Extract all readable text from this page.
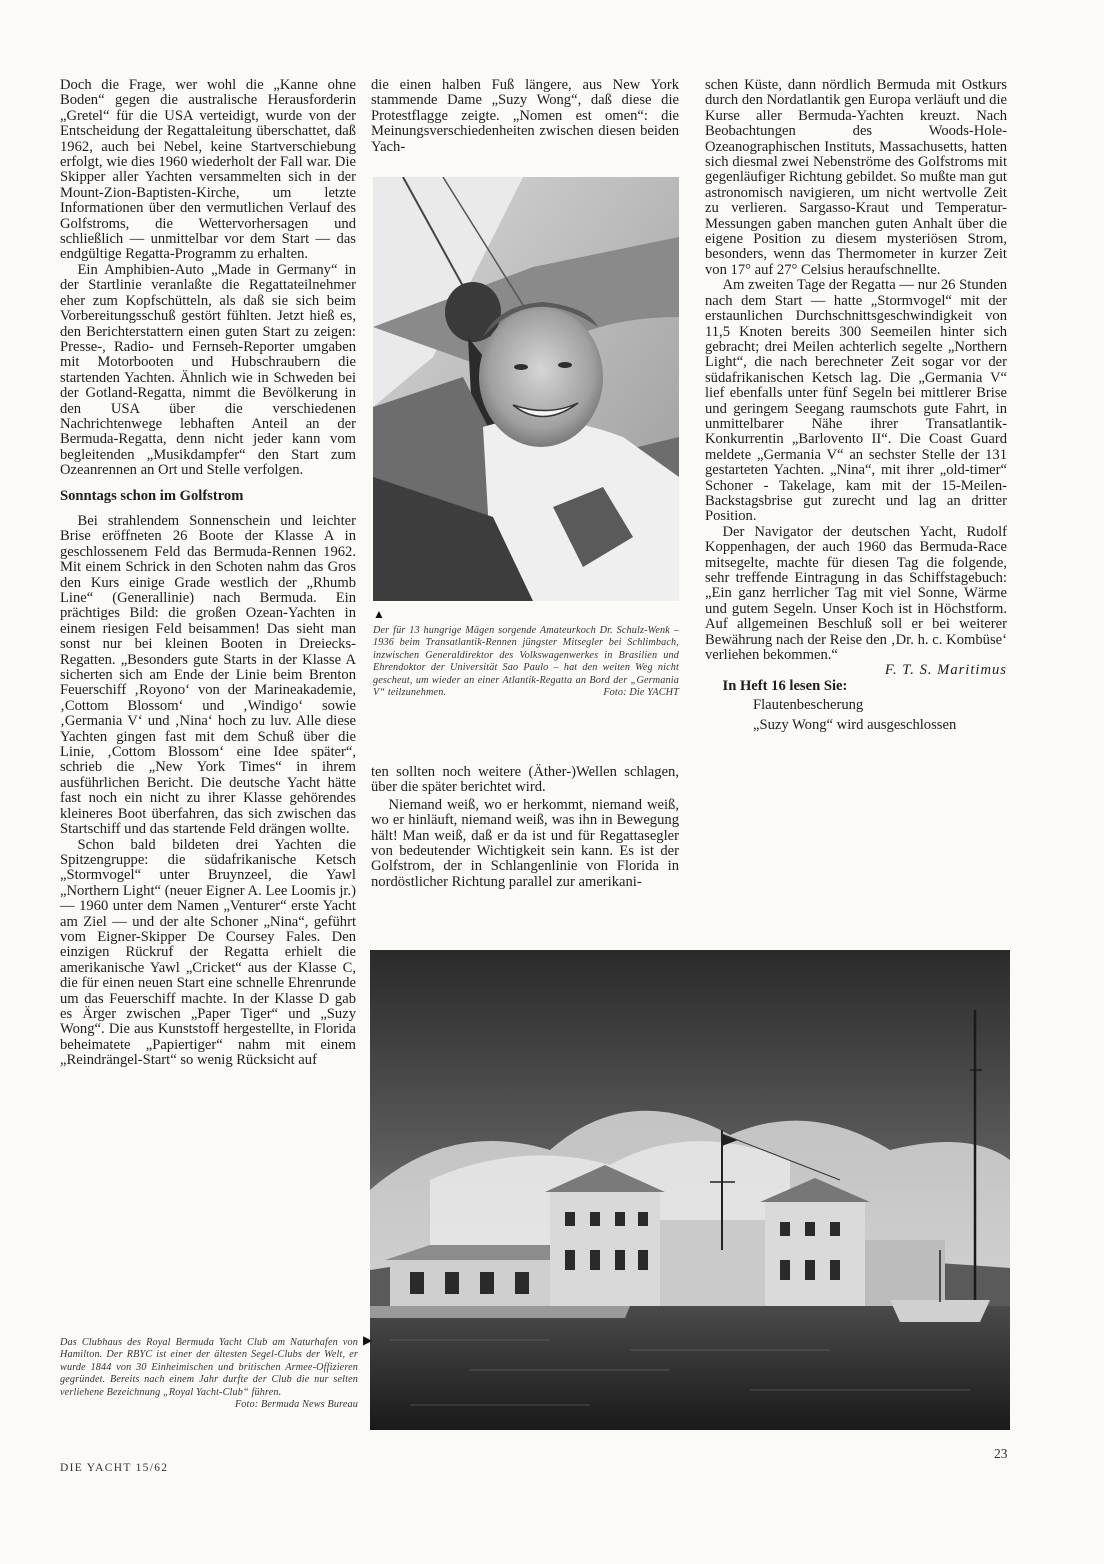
Doch die Frage, wer wohl die „Kanne ohne Boden“ gegen die australische Herausforderin „Gretel“ für die USA verteidigt, wurde von der Entscheidung der Regattaleitung überschattet, daß 1962, auch bei Nebel, keine Startverschiebung erfolgt, wie dies 1960 wiederholt der Fall war. Die Skipper aller Yachten versammelten sich in der Mount-Zion-Baptisten-Kirche, um letzte Informationen über den vermutlichen Verlauf des Golfstroms, die Wettervorhersagen und schließlich — unmittelbar vor dem Start — das endgültige Regatta-Programm zu erhalten.

Ein Amphibien-Auto „Made in Germany“ in der Startlinie veranlaßte die Regattateilnehmer eher zum Kopfschütteln, als daß sie sich beim Vorbereitungsschuß gestört fühlten. Jetzt hieß es, den Berichterstattern einen guten Start zu zeigen: Presse-, Radio- und Fernseh-Reporter umgaben mit Motorbooten und Hubschraubern die startenden Yachten. Ähnlich wie in Schweden bei der Gotland-Regatta, nimmt die Bevölkerung in den USA über die verschiedenen Nachrichtenwege lebhaften Anteil an der Bermuda-Regatta, denn nicht jeder kann vom begleitenden „Musikdampfer“ den Start zum Ozeanrennen an Ort und Stelle verfolgen.

Sonntags schon im Golfstrom

Bei strahlendem Sonnenschein und leichter Brise eröffneten 26 Boote der Klasse A in geschlossenem Feld das Bermuda-Rennen 1962. Mit einem Schrick in den Schoten nahm das Gros den Kurs einige Grade westlich der „Rhumb Line“ (Generallinie) nach Bermuda. Ein prächtiges Bild: die großen Ozean-Yachten in einem riesigen Feld beisammen! Das sieht man sonst nur bei kleinen Booten in Dreiecks-Regatten. „Besonders gute Starts in der Klasse A sicherten sich am Ende der Linie beim Brenton Feuerschiff ‚Royono‘ von der Marineakademie, ‚Cottom Blossom‘ und ‚Windigo‘ sowie ‚Germania V‘ und ‚Nina‘ hoch zu luv. Alle diese Yachten gingen fast mit dem Schuß über die Linie, ‚Cottom Blossom‘ eine Idee später“, schrieb die „New York Times“ in ihrem ausführlichen Bericht. Die deutsche Yacht hätte fast noch ein nicht zu ihrer Klasse gehörendes kleineres Boot überfahren, das sich zwischen das Startschiff und das startende Feld drängen wollte.

Schon bald bildeten drei Yachten die Spitzengruppe: die südafrikanische Ketsch „Stormvogel“ unter Bruynzeel, die Yawl „Northern Light“ (neuer Eigner A. Lee Loomis jr.) — 1960 unter dem Namen „Venturer“ erste Yacht am Ziel — und der alte Schoner „Nina“, geführt vom Eigner-Skipper De Coursey Fales. Den einzigen Rückruf der Regatta erhielt die amerikanische Yawl „Cricket“ aus der Klasse C, die für einen neuen Start eine schnelle Ehrenrunde um das Feuerschiff machte. In der Klasse D gab es Ärger zwischen „Paper Tiger“ und „Suzy Wong“. Die aus Kunststoff hergestellte, in Florida beheimatete „Papiertiger“ nahm mit einem „Reindrängel-Start“ so wenig Rücksicht auf

die einen halben Fuß längere, aus New York stammende Dame „Suzy Wong“, daß diese die Protestflagge zeigte. „Nomen est omen“: die Meinungsverschiedenheiten zwischen diesen beiden Yach-

▲
Der für 13 hungrige Mägen sorgende Amateurkoch Dr. Schulz-Wenk – 1936 beim Transatlantik-Rennen jüngster Mitsegler bei Schlimbach, inzwischen Generaldirektor des Volkswagenwerkes in Brasilien und Ehrendoktor der Universität Sao Paulo – hat den weiten Weg nicht gescheut, um wieder an einer Atlantik-Regatta an Bord der „Germania V“ teilzunehmen.	Foto: Die YACHT

ten sollten noch weitere (Äther-)Wellen schlagen, über die später berichtet wird.

Niemand weiß, wo er herkommt, niemand weiß, wo er hinläuft, niemand weiß, was ihn in Bewegung hält! Man weiß, daß er da ist und für Regattasegler von bedeutender Wichtigkeit sein kann. Es ist der Golfstrom, der in Schlangenlinie von Florida in nordöstlicher Richtung parallel zur amerikani-

schen Küste, dann nördlich Bermuda mit Ostkurs durch den Nordatlantik gen Europa verläuft und die Kurse aller Bermuda-Yachten kreuzt. Nach Beobachtungen des Woods-Hole-Ozeanographischen Instituts, Massachusetts, hatten sich diesmal zwei Nebenströme des Golfstroms mit gegenläufiger Richtung gebildet. So mußte man gut astronomisch navigieren, um nicht wertvolle Zeit zu verlieren. Sargasso-Kraut und Temperatur-Messungen gaben manchen guten Anhalt über die eigene Position zu diesem mysteriösen Strom, besonders, wenn das Thermometer in kurzer Zeit von 17° auf 27° Celsius heraufschnellte.

Am zweiten Tage der Regatta — nur 26 Stunden nach dem Start — hatte „Stormvogel“ mit der erstaunlichen Durchschnittsgeschwindigkeit von 11,5 Knoten bereits 300 Seemeilen hinter sich gebracht; drei Meilen achterlich segelte „Northern Light“, die nach berechneter Zeit sogar vor der südafrikanischen Ketsch lag. Die „Germania V“ lief ebenfalls unter fünf Segeln bei mittlerer Brise und geringem Seegang raumschots gute Fahrt, in unmittelbarer Nähe ihrer Transatlantik-Konkurrentin „Barlovento II“. Die Coast Guard meldete „Germania V“ an sechster Stelle der 131 gestarteten Yachten. „Nina“, mit ihrer „old-timer“ Schoner - Takelage, kam mit der 15-Meilen-Backstagsbrise gut zurecht und lag an dritter Position.

Der Navigator der deutschen Yacht, Rudolf Koppenhagen, der auch 1960 das Bermuda-Race mitsegelte, machte für diesen Tag die folgende, sehr treffende Eintragung in das Schiffstagebuch: „Ein ganz herrlicher Tag mit viel Sonne, Wärme und gutem Segeln. Unser Koch ist in Höchstform. Auf allgemeinen Beschluß soll er bei weiterer Bewährung nach der Reise den ‚Dr. h. c. Kombüse‘ verliehen bekommen.“

F. T. S. Maritimus

In Heft 16 lesen Sie:

Flautenbescherung

„Suzy Wong“ wird ausgeschlossen

▶
Das Clubhaus des Royal Bermuda Yacht Club am Naturhafen von Hamilton. Der RBYC ist einer der ältesten Segel-Clubs der Welt, er wurde 1844 von 30 Einheimischen und britischen Armee-Offizieren gegründet. Bereits nach einem Jahr durfte der Club die nur selten verliehene Bezeichnung „Royal Yacht-Club“ führen.
Foto: Bermuda News Bureau
DIE YACHT 15/62
23
